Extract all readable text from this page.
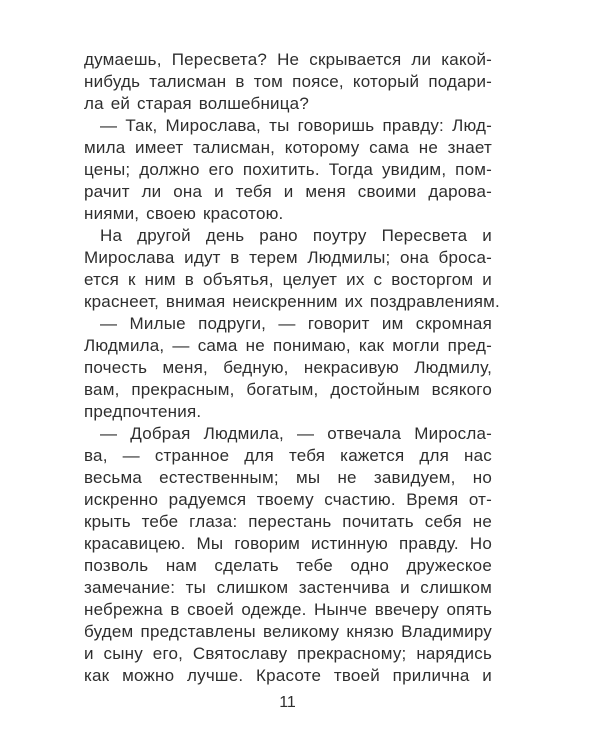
думаешь, Пересвета? Не скрывается ли какой-
нибудь талисман в том поясе, который подари-
ла ей старая волшебница?
— Так, Мирослава, ты говоришь правду: Люд-
мила имеет талисман, которому сама не знает
цены; должно его похитить. Тогда увидим, пом-
рачит ли она и тебя и меня своими дарова-
ниями, своею красотою.
На другой день рано поутру Пересвета и
Мирослава идут в терем Людмилы; она броса-
ется к ним в объятья, целует их с восторгом и
краснеет, внимая неискренним их поздравлениям.
— Милые подруги, — говорит им скромная
Людмила, — сама не понимаю, как могли пред-
почесть меня, бедную, некрасивую Людмилу,
вам, прекрасным, богатым, достойным всякого
предпочтения.
— Добрая Людмила, — отвечала Миросла-
ва, — странное для тебя кажется для нас
весьма естественным; мы не завидуем, но
искренно радуемся твоему счастию. Время от-
крыть тебе глаза: перестань почитать себя не
красавицею. Мы говорим истинную правду. Но
позволь нам сделать тебе одно дружеское
замечание: ты слишком застенчива и слишком
небрежна в своей одежде. Нынче ввечеру опять
будем представлены великому князю Владимиру
и сыну его, Святославу прекрасному; нарядись
как можно лучше. Красоте твоей прилична и
11
